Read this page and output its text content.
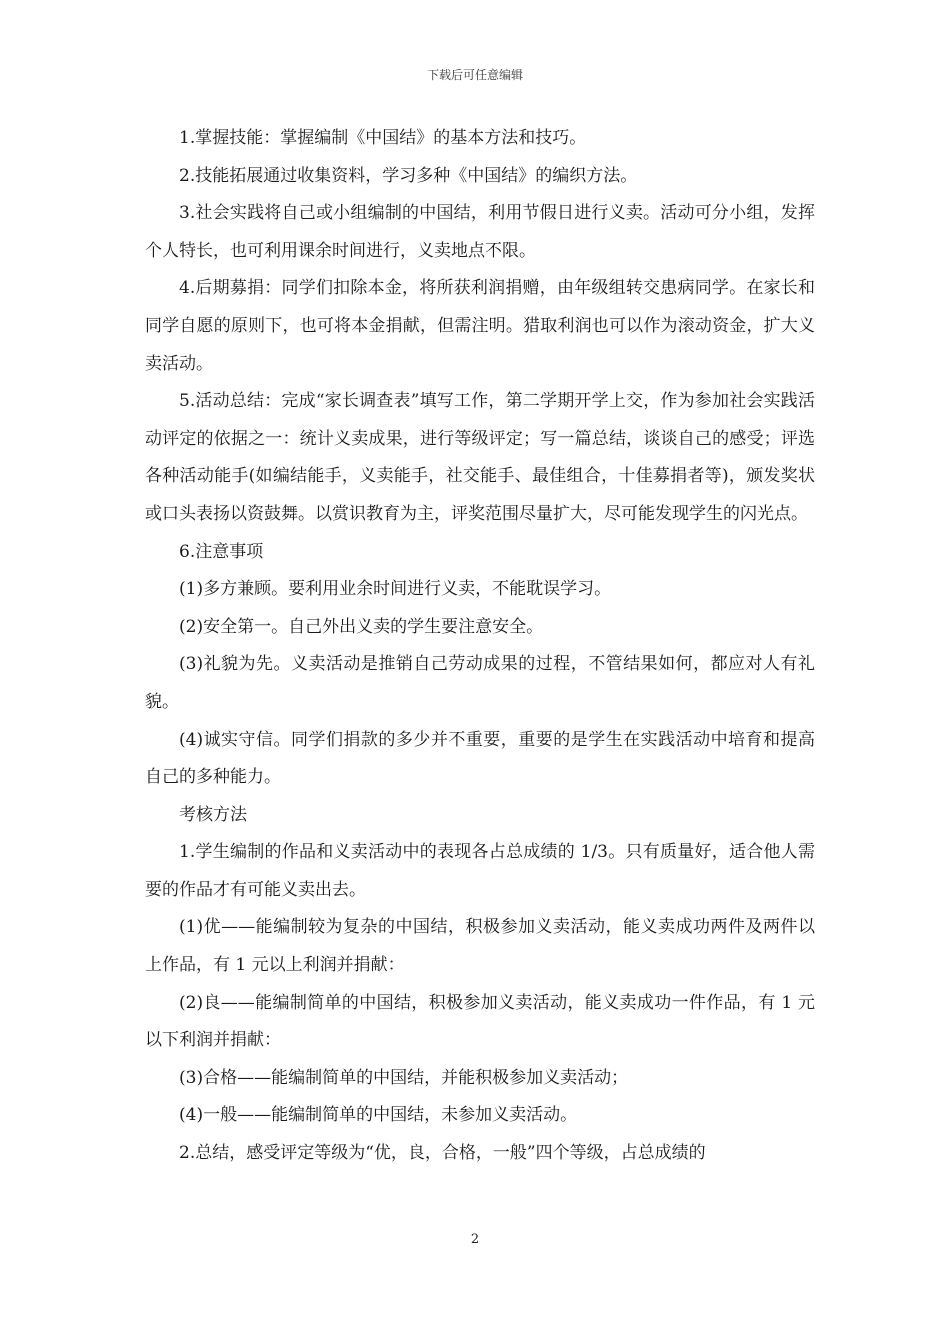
下载后可任意编辑

1.掌握技能：掌握编制《中国结》的基本方法和技巧。

2.技能拓展通过收集资料，学习多种《中国结》的编织方法。

3.社会实践将自己或小组编制的中国结，利用节假日进行义卖。活动可分小组，发挥个人特长，也可利用课余时间进行，义卖地点不限。

4.后期募捐：同学们扣除本金，将所获利润捐赠，由年级组转交患病同学。在家长和同学自愿的原则下，也可将本金捐献，但需注明。猎取利润也可以作为滚动资金，扩大义卖活动。

5.活动总结：完成“家长调查表”填写工作，第二学期开学上交，作为参加社会实践活动评定的依据之一：统计义卖成果，进行等级评定；写一篇总结，谈谈自己的感受；评选各种活动能手(如编结能手，义卖能手，社交能手、最佳组合，十佳募捐者等)，颁发奖状或口头表扬以资鼓舞。以赏识教育为主，评奖范围尽量扩大，尽可能发现学生的闪光点。

6.注意事项

(1)多方兼顾。要利用业余时间进行义卖，不能耽误学习。

(2)安全第一。自己外出义卖的学生要注意安全。

(3)礼貌为先。义卖活动是推销自己劳动成果的过程，不管结果如何，都应对人有礼貌。

(4)诚实守信。同学们捐款的多少并不重要，重要的是学生在实践活动中培育和提高自己的多种能力。

考核方法

1.学生编制的作品和义卖活动中的表现各占总成绩的 1/3。只有质量好，适合他人需要的作品才有可能义卖出去。

(1)优——能编制较为复杂的中国结，积极参加义卖活动，能义卖成功两件及两件以上作品，有 1 元以上利润并捐献：

(2)良——能编制简单的中国结，积极参加义卖活动，能义卖成功一件作品，有 1 元以下利润并捐献：

(3)合格——能编制简单的中国结，并能积极参加义卖活动；

(4)一般——能编制简单的中国结，未参加义卖活动。

2.总结，感受评定等级为“优，良，合格，一般”四个等级，占总成绩的

2
